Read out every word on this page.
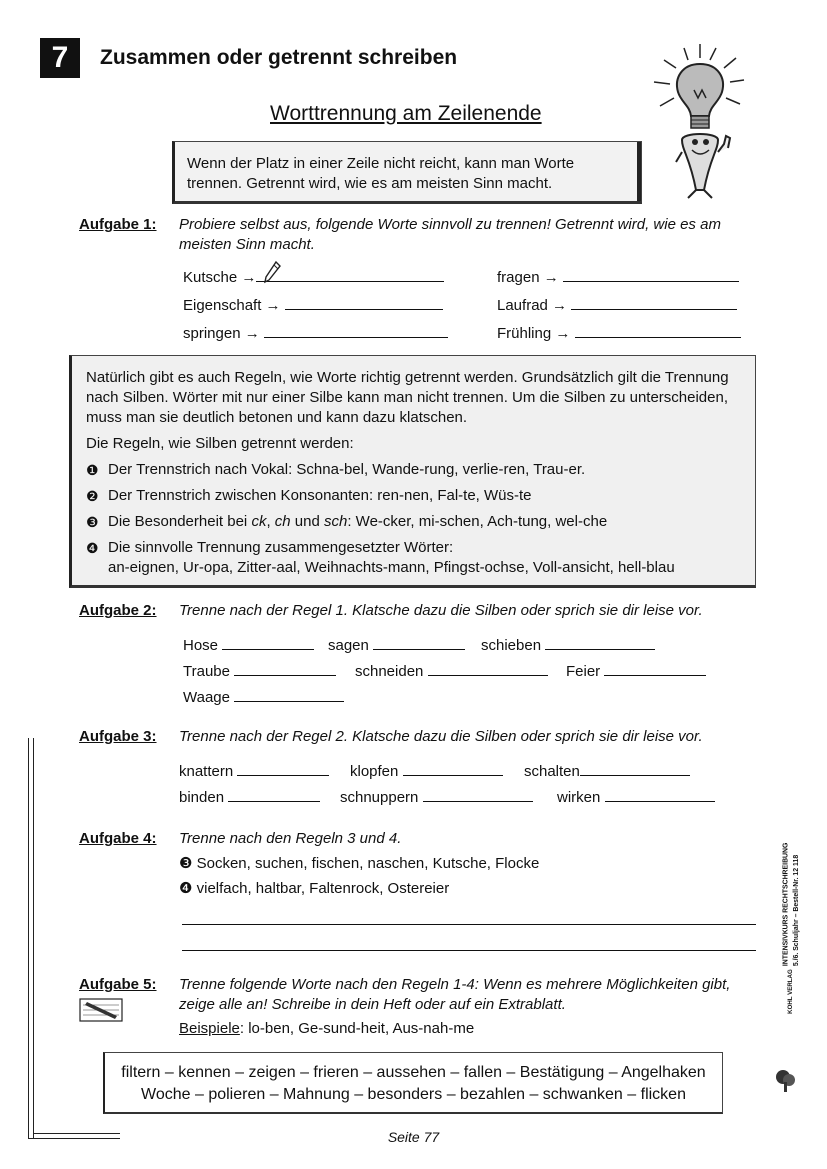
7	Zusammen oder getrennt schreiben
Worttrennung am Zeilenende
Wenn der Platz in einer Zeile nicht reicht, kann man Worte trennen. Getrennt wird, wie es am meisten Sinn macht.
Aufgabe 1: Probiere selbst aus, folgende Worte sinnvoll zu trennen! Getrennt wird, wie es am meisten Sinn macht.
Kutsche →	fragen →
Eigenschaft →	Laufrad →
springen →	Frühling →
Natürlich gibt es auch Regeln, wie Worte richtig getrennt werden. Grundsätzlich gilt die Trennung nach Silben. Wörter mit nur einer Silbe kann man nicht trennen. Um die Silben zu unterscheiden, muss man sie deutlich betonen und kann dazu klatschen.
Die Regeln, wie Silben getrennt werden:
❶ Der Trennstrich nach Vokal: Schna-bel, Wande-rung, verlie-ren, Trau-er.
❷ Der Trennstrich zwischen Konsonanten: ren-nen, Fal-te, Wüs-te
❸ Die Besonderheit bei ck, ch und sch: We-cker, mi-schen, Ach-tung, wel-che
❹ Die sinnvolle Trennung zusammengesetzter Wörter:
an-eignen, Ur-opa, Zitter-aal, Weihnachts-mann, Pfingst-ochse, Voll-ansicht, hell-blau
Aufgabe 2: Trenne nach der Regel 1. Klatsche dazu die Silben oder sprich sie dir leise vor.
Hose	sagen	schieben
Traube	schneiden	Feier
Waage
Aufgabe 3: Trenne nach der Regel 2. Klatsche dazu die Silben oder sprich sie dir leise vor.
knattern	klopfen	schalten
binden	schnuppern	wirken
Aufgabe 4: Trenne nach den Regeln 3 und 4.
❸ Socken, suchen, fischen, naschen, Kutsche, Flocke
❹ vielfach, haltbar, Faltenrock, Ostereier
Aufgabe 5: Trenne folgende Worte nach den Regeln 1-4: Wenn es mehrere Möglichkeiten gibt, zeige alle an! Schreibe in dein Heft oder auf ein Extrablatt.
Beispiele: lo-ben, Ge-sund-heit, Aus-nah-me
filtern – kennen – zeigen – frieren – aussehen – fallen – Bestätigung – Angelhaken
Woche – polieren – Mahnung – besonders – bezahlen – schwanken – flicken
INTENSIVKURS RECHTSCHREIBUNG 5./6. Schuljahr – Bestell-Nr. 12 118
KOHL VERLAG
Seite 77
